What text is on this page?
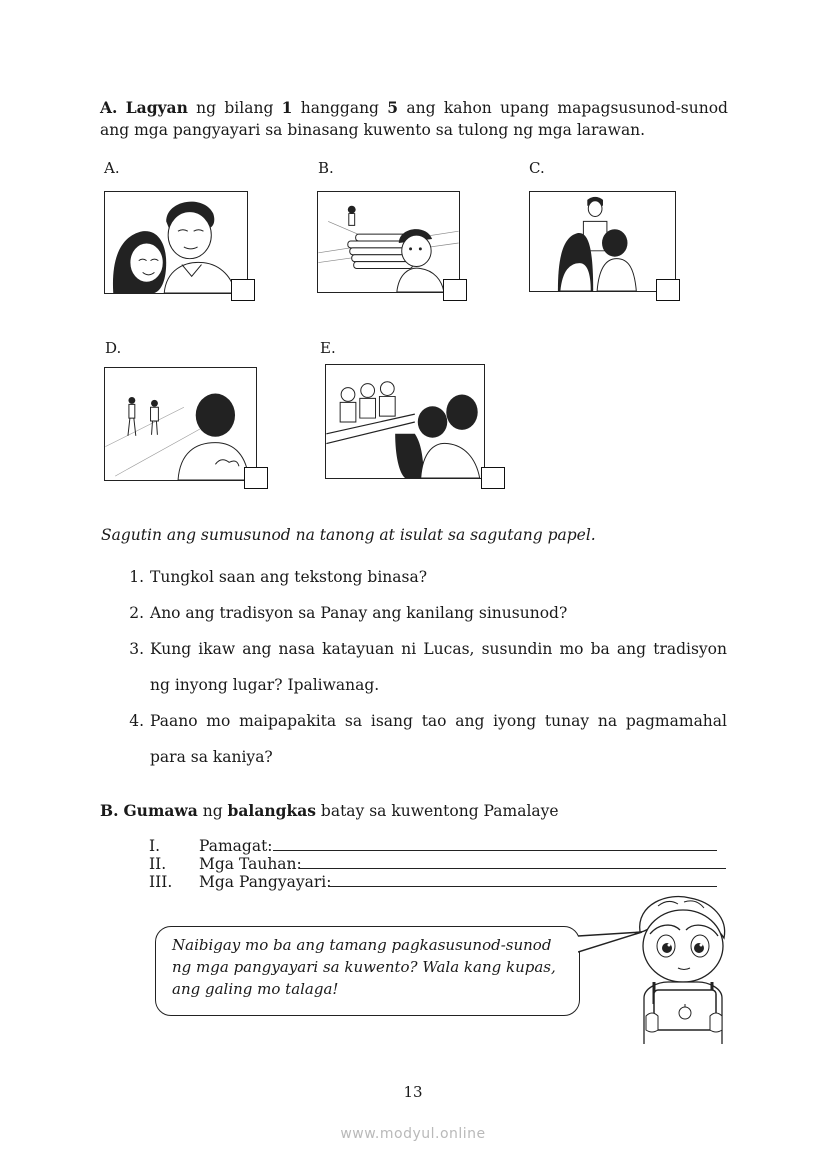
A. Lagyan ng bilang 1 hanggang 5 ang kahon upang mapagsusunod-sunod ang mga pangyayari sa binasang kuwento sa tulong ng mga larawan.
A.	B.	C.
D.	E.
Sagutin ang sumusunod na tanong at isulat sa sagutang papel.
1. Tungkol saan ang tekstong binasa?
2. Ano ang tradisyon sa Panay ang kanilang sinusunod?
3. Kung ikaw ang nasa katayuan ni Lucas, susundin mo ba ang tradisyon ng inyong lugar? Ipaliwanag.
4. Paano mo maipapakita sa isang tao ang iyong tunay na pagmamahal para sa kaniya?
B. Gumawa ng balangkas batay sa kuwentong Pamalaye
I.	Pamagat:
II. Mga Tauhan:
III. Mga Pangyayari:
Naibigay mo ba ang tamang pagkasusunod-sunod ng mga pangyayari sa kuwento? Wala kang kupas, ang galing mo talaga!
13
www.modyul.online
